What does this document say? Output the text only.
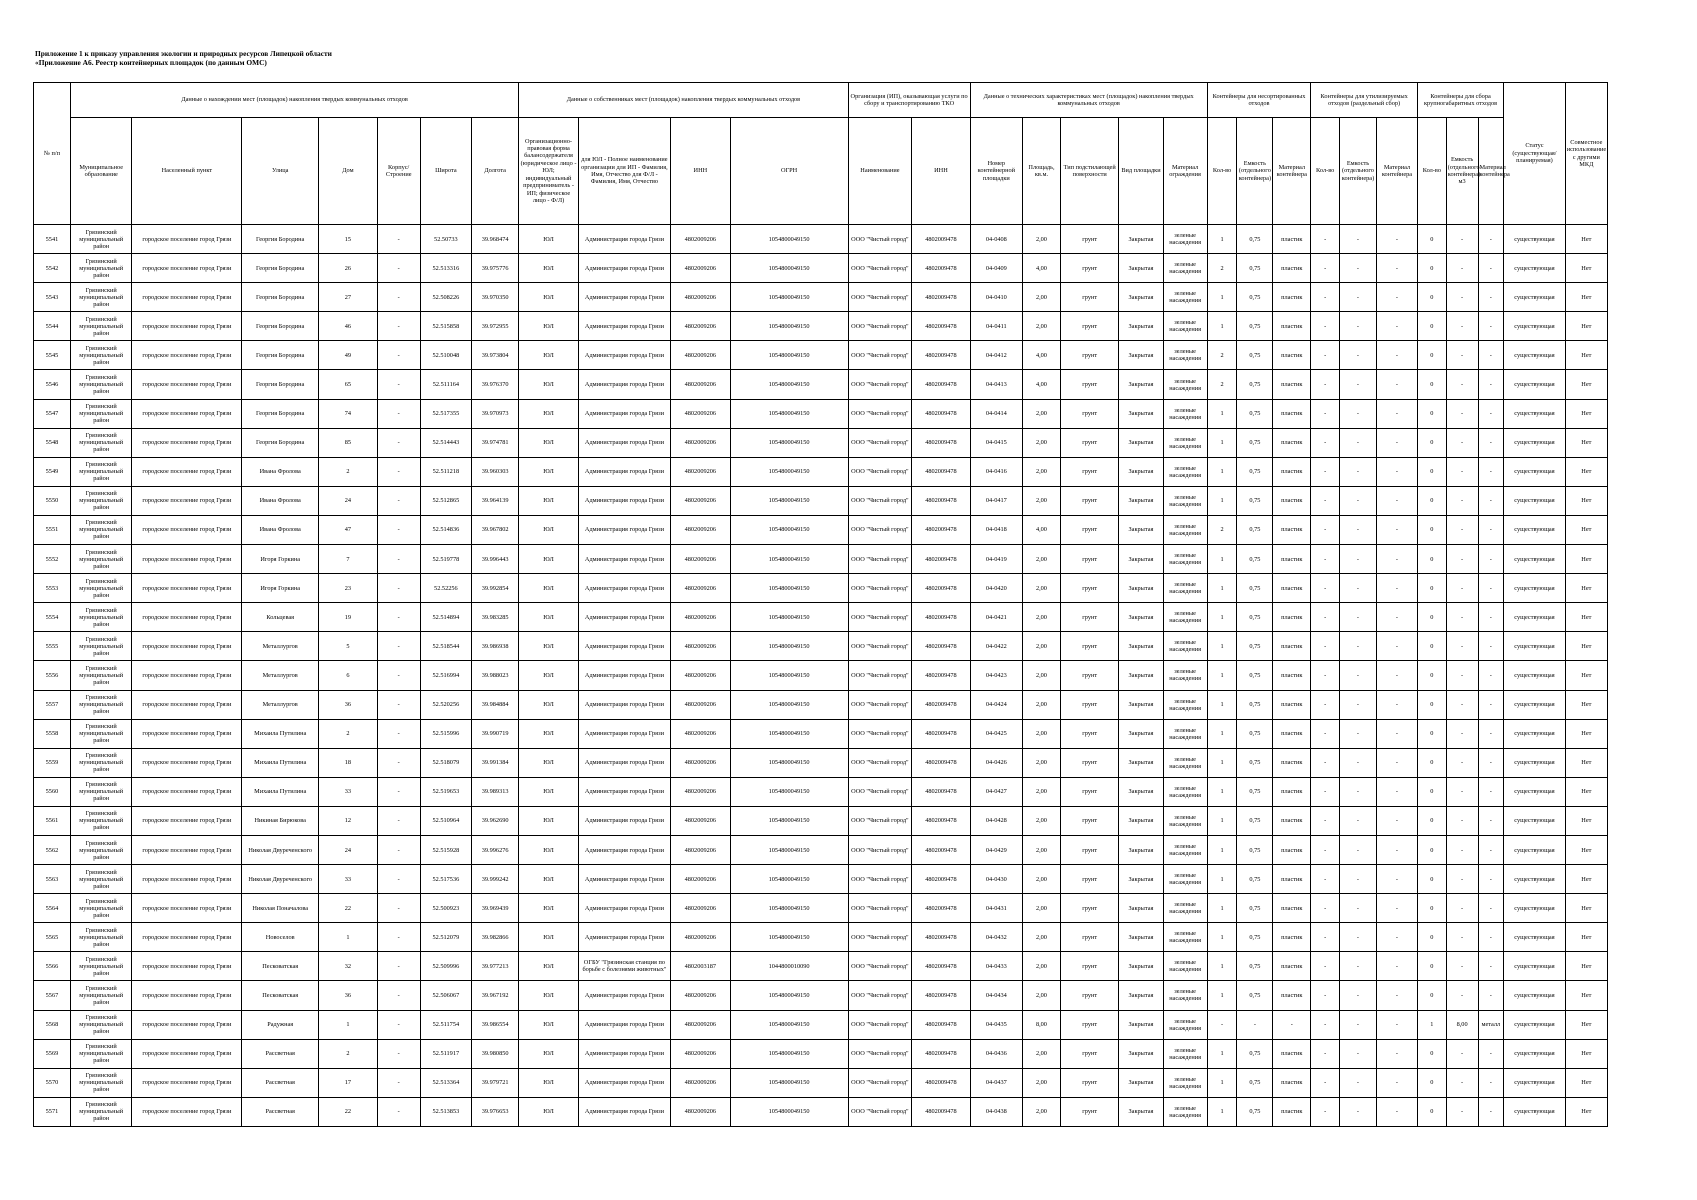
Приложение 1 к приказу управления экологии и природных ресурсов Липецкой области
«Приложение А6. Реестр контейнерных площадок (по данным ОМС)
№ п/п	Данные о нахождении мест (площадок) накопления твердых коммунальных отходов							Данные о собственниках мест (площадок) накопления твердых коммунальных отходов				Организация (ИП), оказывающая услуги по сбору и транспортированию ТКО		Данные о технических характеристиках мест (площадок) накопления твердых коммунальных отходов					Контейнеры для несортированных отходов			Контейнеры для утилизируемых отходов (раздельный сбор)			Контейнеры для сбора крупногабаритных отходов			Статус (существующая/ планируемая)	Совместное использование с другими МКД
	Муниципальное образование	Населенный пункт	Улица	Дом	Корпус/Строение	Широта	Долгота	Организационно-правовая форма балансодержателя (юридическое лицо - ЮЛ; индивидуальный предприниматель - ИП; физическое лицо - Ф/Л)	для ЮЛ - Полное наименование организации для ИП - Фамилия, Имя, Отчество для Ф/Л - Фамилия, Имя, Отчество	ИНН	ОГРН	Наименование	ИНН	Номер контейнерной площадки	Площадь, кв.м.	Тип подстилающей поверхности	Вид площадки	Материал ограждения	Кол-во	Емкость (отдельного контейнера)	Материал контейнера	Кол-во	Емкость (отдельного контейнера)	Материал контейнера	Кол-во	Емкость (отдельного контейнера) м3	Материал контейнера		
5541	Грязинский муниципальный район	городское поселение город Грязи	Георгия Бородина	15	-	52.50733	39.968474	ЮЛ	Администрация города Грязи	4802009206	1054800049150	ООО "Чистый город"	4802009478	04-0408	2,00	грунт	Закрытая	зеленые насаждения	1	0,75	пластик	-	-	-	0	-	-	существующая	Нет
5542	Грязинский муниципальный район	городское поселение город Грязи	Георгия Бородина	26	-	52.513316	39.975776	ЮЛ	Администрация города Грязи	4802009206	1054800049150	ООО "Чистый город"	4802009478	04-0409	4,00	грунт	Закрытая	зеленые насаждения	2	0,75	пластик	-	-	-	0	-	-	существующая	Нет
5543	Грязинский муниципальный район	городское поселение город Грязи	Георгия Бородина	27	-	52.508226	39.970350	ЮЛ	Администрация города Грязи	4802009206	1054800049150	ООО "Чистый город"	4802009478	04-0410	2,00	грунт	Закрытая	зеленые насаждения	1	0,75	пластик	-	-	-	0	-	-	существующая	Нет
5544	Грязинский муниципальный район	городское поселение город Грязи	Георгия Бородина	46	-	52.515858	39.972955	ЮЛ	Администрация города Грязи	4802009206	1054800049150	ООО "Чистый город"	4802009478	04-0411	2,00	грунт	Закрытая	зеленые насаждения	1	0,75	пластик	-	-	-	0	-	-	существующая	Нет
5545	Грязинский муниципальный район	городское поселение город Грязи	Георгия Бородина	49	-	52.510048	39.973804	ЮЛ	Администрация города Грязи	4802009206	1054800049150	ООО "Чистый город"	4802009478	04-0412	4,00	грунт	Закрытая	зеленые насаждения	2	0,75	пластик	-	-	-	0	-	-	существующая	Нет
5546	Грязинский муниципальный район	городское поселение город Грязи	Георгия Бородина	65	-	52.511164	39.976370	ЮЛ	Администрация города Грязи	4802009206	1054800049150	ООО "Чистый город"	4802009478	04-0413	4,00	грунт	Закрытая	зеленые насаждения	2	0,75	пластик	-	-	-	0	-	-	существующая	Нет
5547	Грязинский муниципальный район	городское поселение город Грязи	Георгия Бородина	74	-	52.517355	39.970973	ЮЛ	Администрация города Грязи	4802009206	1054800049150	ООО "Чистый город"	4802009478	04-0414	2,00	грунт	Закрытая	зеленые насаждения	1	0,75	пластик	-	-	-	0	-	-	существующая	Нет
5548	Грязинский муниципальный район	городское поселение город Грязи	Георгия Бородина	85	-	52.514443	39.974781	ЮЛ	Администрация города Грязи	4802009206	1054800049150	ООО "Чистый город"	4802009478	04-0415	2,00	грунт	Закрытая	зеленые насаждения	1	0,75	пластик	-	-	-	0	-	-	существующая	Нет
5549	Грязинский муниципальный район	городское поселение город Грязи	Ивана Фролова	2	-	52.511218	39.960303	ЮЛ	Администрация города Грязи	4802009206	1054800049150	ООО "Чистый город"	4802009478	04-0416	2,00	грунт	Закрытая	зеленые насаждения	1	0,75	пластик	-	-	-	0	-	-	существующая	Нет
5550	Грязинский муниципальный район	городское поселение город Грязи	Ивана Фролова	24	-	52.512865	39.964139	ЮЛ	Администрация города Грязи	4802009206	1054800049150	ООО "Чистый город"	4802009478	04-0417	2,00	грунт	Закрытая	зеленые насаждения	1	0,75	пластик	-	-	-	0	-	-	существующая	Нет
5551	Грязинский муниципальный район	городское поселение город Грязи	Ивана Фролова	47	-	52.514836	39.967802	ЮЛ	Администрация города Грязи	4802009206	1054800049150	ООО "Чистый город"	4802009478	04-0418	4,00	грунт	Закрытая	зеленые насаждения	2	0,75	пластик	-	-	-	0	-	-	существующая	Нет
5552	Грязинский муниципальный район	городское поселение город Грязи	Игоря Горкина	7	-	52.519778	39.996443	ЮЛ	Администрация города Грязи	4802009206	1054800049150	ООО "Чистый город"	4802009478	04-0419	2,00	грунт	Закрытая	зеленые насаждения	1	0,75	пластик	-	-	-	0	-	-	существующая	Нет
5553	Грязинский муниципальный район	городское поселение город Грязи	Игоря Горкина	23	-	52.52256	39.992854	ЮЛ	Администрация города Грязи	4802009206	1054800049150	ООО "Чистый город"	4802009478	04-0420	2,00	грунт	Закрытая	зеленые насаждения	1	0,75	пластик	-	-	-	0	-	-	существующая	Нет
5554	Грязинский муниципальный район	городское поселение город Грязи	Кольцевая	19	-	52.514894	39.983285	ЮЛ	Администрация города Грязи	4802009206	1054800049150	ООО "Чистый город"	4802009478	04-0421	2,00	грунт	Закрытая	зеленые насаждения	1	0,75	пластик	-	-	-	0	-	-	существующая	Нет
5555	Грязинский муниципальный район	городское поселение город Грязи	Металлургов	5	-	52.518544	39.986938	ЮЛ	Администрация города Грязи	4802009206	1054800049150	ООО "Чистый город"	4802009478	04-0422	2,00	грунт	Закрытая	зеленые насаждения	1	0,75	пластик	-	-	-	0	-	-	существующая	Нет
5556	Грязинский муниципальный район	городское поселение город Грязи	Металлургов	6	-	52.516994	39.988023	ЮЛ	Администрация города Грязи	4802009206	1054800049150	ООО "Чистый город"	4802009478	04-0423	2,00	грунт	Закрытая	зеленые насаждения	1	0,75	пластик	-	-	-	0	-	-	существующая	Нет
5557	Грязинский муниципальный район	городское поселение город Грязи	Металлургов	36	-	52.520256	39.984884	ЮЛ	Администрация города Грязи	4802009206	1054800049150	ООО "Чистый город"	4802009478	04-0424	2,00	грунт	Закрытая	зеленые насаждения	1	0,75	пластик	-	-	-	0	-	-	существующая	Нет
5558	Грязинский муниципальный район	городское поселение город Грязи	Михаила Путилина	2	-	52.515996	39.990719	ЮЛ	Администрация города Грязи	4802009206	1054800049150	ООО "Чистый город"	4802009478	04-0425	2,00	грунт	Закрытая	зеленые насаждения	1	0,75	пластик	-	-	-	0	-	-	существующая	Нет
5559	Грязинский муниципальный район	городское поселение город Грязи	Михаила Путилина	18	-	52.518079	39.991384	ЮЛ	Администрация города Грязи	4802009206	1054800049150	ООО "Чистый город"	4802009478	04-0426	2,00	грунт	Закрытая	зеленые насаждения	1	0,75	пластик	-	-	-	0	-	-	существующая	Нет
5560	Грязинский муниципальный район	городское поселение город Грязи	Михаила Путилина	33	-	52.519653	39.989313	ЮЛ	Администрация города Грязи	4802009206	1054800049150	ООО "Чистый город"	4802009478	04-0427	2,00	грунт	Закрытая	зеленые насаждения	1	0,75	пластик	-	-	-	0	-	-	существующая	Нет
5561	Грязинский муниципальный район	городское поселение город Грязи	Никиная Бирюкова	12	-	52.510964	39.962690	ЮЛ	Администрация города Грязи	4802009206	1054800049150	ООО "Чистый город"	4802009478	04-0428	2,00	грунт	Закрытая	зеленые насаждения	1	0,75	пластик	-	-	-	0	-	-	существующая	Нет
5562	Грязинский муниципальный район	городское поселение город Грязи	Николая Двуреченского	24	-	52.515928	39.996276	ЮЛ	Администрация города Грязи	4802009206	1054800049150	ООО "Чистый город"	4802009478	04-0429	2,00	грунт	Закрытая	зеленые насаждения	1	0,75	пластик	-	-	-	0	-	-	существующая	Нет
5563	Грязинский муниципальный район	городское поселение город Грязи	Николая Двуреченского	33	-	52.517536	39.999242	ЮЛ	Администрация города Грязи	4802009206	1054800049150	ООО "Чистый город"	4802009478	04-0430	2,00	грунт	Закрытая	зеленые насаждения	1	0,75	пластик	-	-	-	0	-	-	существующая	Нет
5564	Грязинский муниципальный район	городское поселение город Грязи	Николая Поначалова	22	-	52.500923	39.969439	ЮЛ	Администрация города Грязи	4802009206	1054800049150	ООО "Чистый город"	4802009478	04-0431	2,00	грунт	Закрытая	зеленые насаждения	1	0,75	пластик	-	-	-	0	-	-	существующая	Нет
5565	Грязинский муниципальный район	городское поселение город Грязи	Новоселов	1	-	52.512079	39.982866	ЮЛ	Администрация города Грязи	4802009206	1054800049150	ООО "Чистый город"	4802009478	04-0432	2,00	грунт	Закрытая	зеленые насаждения	1	0,75	пластик	-	-	-	0	-	-	существующая	Нет
5566	Грязинский муниципальный район	городское поселение город Грязи	Песковатская	32	-	52.509996	39.977213	ЮЛ	ОГБУ "Грязинская станция по борьбе с болезнями животных"	4802003187	1044800010090	ООО "Чистый город"	4802009478	04-0433	2,00	грунт	Закрытая	зеленые насаждения	1	0,75	пластик	-	-	-	0	-	-	существующая	Нет
5567	Грязинский муниципальный район	городское поселение город Грязи	Песковатская	36	-	52.506067	39.967192	ЮЛ	Администрация города Грязи	4802009206	1054800049150	ООО "Чистый город"	4802009478	04-0434	2,00	грунт	Закрытая	зеленые насаждения	1	0,75	пластик	-	-	-	0	-	-	существующая	Нет
5568	Грязинский муниципальный район	городское поселение город Грязи	Радужная	1	-	52.511754	39.986554	ЮЛ	Администрация города Грязи	4802009206	1054800049150	ООО "Чистый город"	4802009478	04-0435	8,00	грунт	Закрытая	зеленые насаждения	-	-	-	-	-	-	1	8,00	металл	существующая	Нет
5569	Грязинский муниципальный район	городское поселение город Грязи	Рассветная	2	-	52.511917	39.980850	ЮЛ	Администрация города Грязи	4802009206	1054800049150	ООО "Чистый город"	4802009478	04-0436	2,00	грунт	Закрытая	зеленые насаждения	1	0,75	пластик	-	-	-	0	-	-	существующая	Нет
5570	Грязинский муниципальный район	городское поселение город Грязи	Рассветная	17	-	52.513364	39.979721	ЮЛ	Администрация города Грязи	4802009206	1054800049150	ООО "Чистый город"	4802009478	04-0437	2,00	грунт	Закрытая	зеленые насаждения	1	0,75	пластик	-	-	-	0	-	-	существующая	Нет
5571	Грязинский муниципальный район	городское поселение город Грязи	Рассветная	22	-	52.513853	39.976653	ЮЛ	Администрация города Грязи	4802009206	1054800049150	ООО "Чистый город"	4802009478	04-0438	2,00	грунт	Закрытая	зеленые насаждения	1	0,75	пластик	-	-	-	0	-	-	существующая	Нет
